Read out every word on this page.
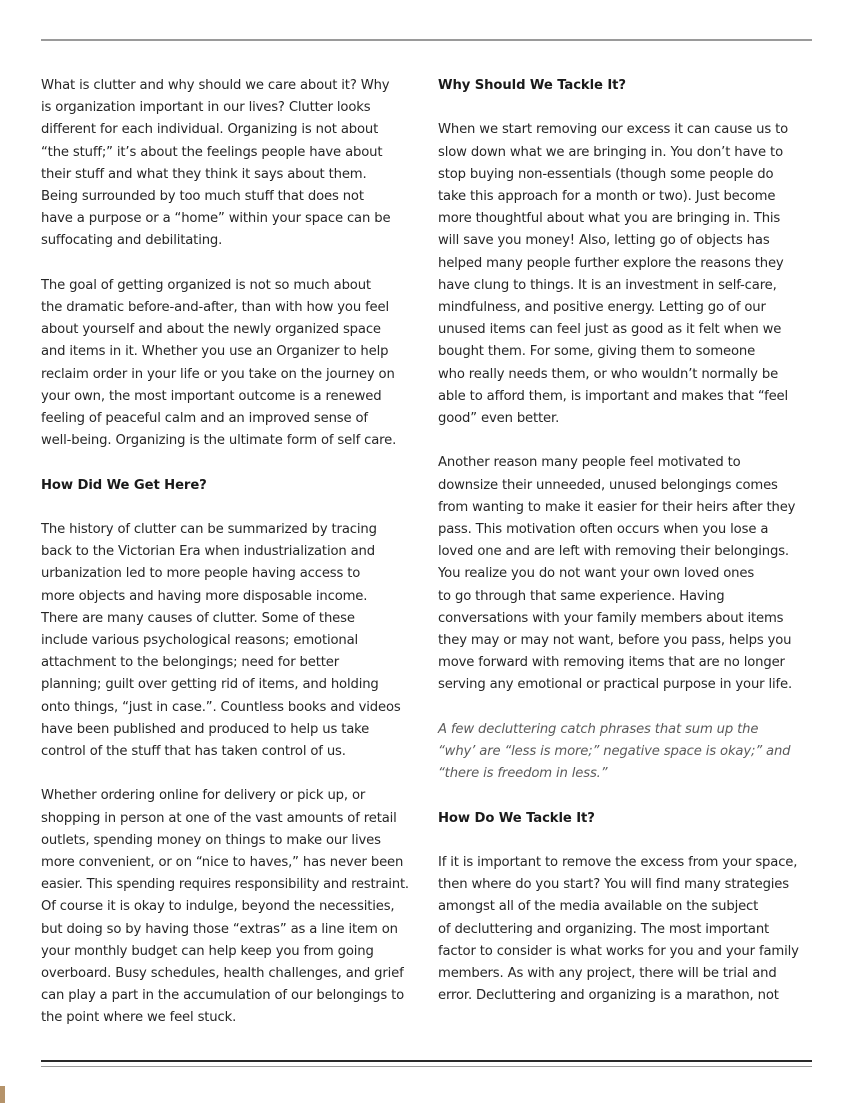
What is clutter and why should we care about it? Why
is organization important in our lives? Clutter looks
different for each individual. Organizing is not about
“the stuff;” it’s about the feelings people have about
their stuff and what they think it says about them.
Being surrounded by too much stuff that does not
have a purpose or a “home” within your space can be
suffocating and debilitating.

The goal of getting organized is not so much about
the dramatic before-and-after, than with how you feel
about yourself and about the newly organized space
and items in it. Whether you use an Organizer to help
reclaim order in your life or you take on the journey on
your own, the most important outcome is a renewed
feeling of peaceful calm and an improved sense of
well-being. Organizing is the ultimate form of self care.

How Did We Get Here?

The history of clutter can be summarized by tracing
back to the Victorian Era when industrialization and
urbanization led to more people having access to
more objects and having more disposable income.
There are many causes of clutter. Some of these
include various psychological reasons; emotional
attachment to the belongings; need for better
planning; guilt over getting rid of items, and holding
onto things, “just in case.”. Countless books and videos
have been published and produced to help us take
control of the stuff that has taken control of us.

Whether ordering online for delivery or pick up, or
shopping in person at one of the vast amounts of retail
outlets, spending money on things to make our lives
more convenient, or on “nice to haves,” has never been
easier. This spending requires responsibility and restraint.
Of course it is okay to indulge, beyond the necessities,
but doing so by having those “extras” as a line item on
your monthly budget can help keep you from going
overboard. Busy schedules, health challenges, and grief
can play a part in the accumulation of our belongings to
the point where we feel stuck.

Why Should We Tackle It?

When we start removing our excess it can cause us to
slow down what we are bringing in. You don’t have to
stop buying non-essentials (though some people do
take this approach for a month or two). Just become
more thoughtful about what you are bringing in. This
will save you money! Also, letting go of objects has
helped many people further explore the reasons they
have clung to things. It is an investment in self-care,
mindfulness, and positive energy. Letting go of our
unused items can feel just as good as it felt when we
bought them. For some, giving them to someone
who really needs them, or who wouldn’t normally be
able to afford them, is important and makes that “feel
good” even better.

Another reason many people feel motivated to
downsize their unneeded, unused belongings comes
from wanting to make it easier for their heirs after they
pass. This motivation often occurs when you lose a
loved one and are left with removing their belongings.
You realize you do not want your own loved ones
to go through that same experience. Having
conversations with your family members about items
they may or may not want, before you pass, helps you
move forward with removing items that are no longer
serving any emotional or practical purpose in your life.

A few decluttering catch phrases that sum up the
“why’ are “less is more;” negative space is okay;” and
“there is freedom in less.”

How Do We Tackle It?

If it is important to remove the excess from your space,
then where do you start? You will find many strategies
amongst all of the media available on the subject
of decluttering and organizing. The most important
factor to consider is what works for you and your family
members. As with any project, there will be trial and
error. Decluttering and organizing is a marathon, not
